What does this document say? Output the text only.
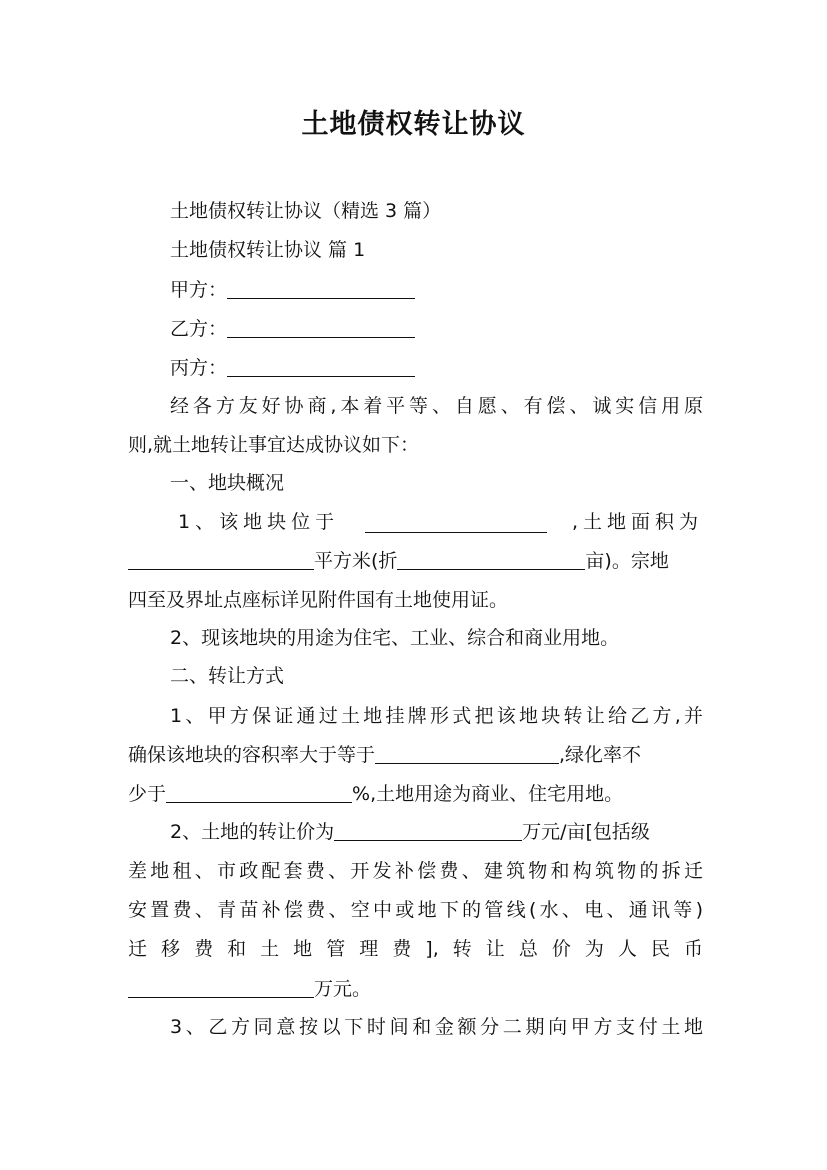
土地债权转让协议
土地债权转让协议（精选 3 篇）
土地债权转让协议 篇 1
甲方：
乙方：
丙方：
经各方友好协商,本着平等、自愿、有偿、诚实信用原
则,就土地转让事宜达成协议如下：
一、地块概况
1、该地块位于	,土地面积为
平方米(折	亩)。宗地
四至及界址点座标详见附件国有土地使用证。
2、现该地块的用途为住宅、工业、综合和商业用地。
二、转让方式
1、甲方保证通过土地挂牌形式把该地块转让给乙方,并
确保该地块的容积率大于等于	,绿化率不
少于	%,土地用途为商业、住宅用地。
2、土地的转让价为	万元/亩[包括级
差地租、市政配套费、开发补偿费、建筑物和构筑物的拆迁
安置费、青苗补偿费、空中或地下的管线(水、电、通讯等)
迁移费和土地管理费],转让总价为人民币
万元。
3、乙方同意按以下时间和金额分二期向甲方支付土地
